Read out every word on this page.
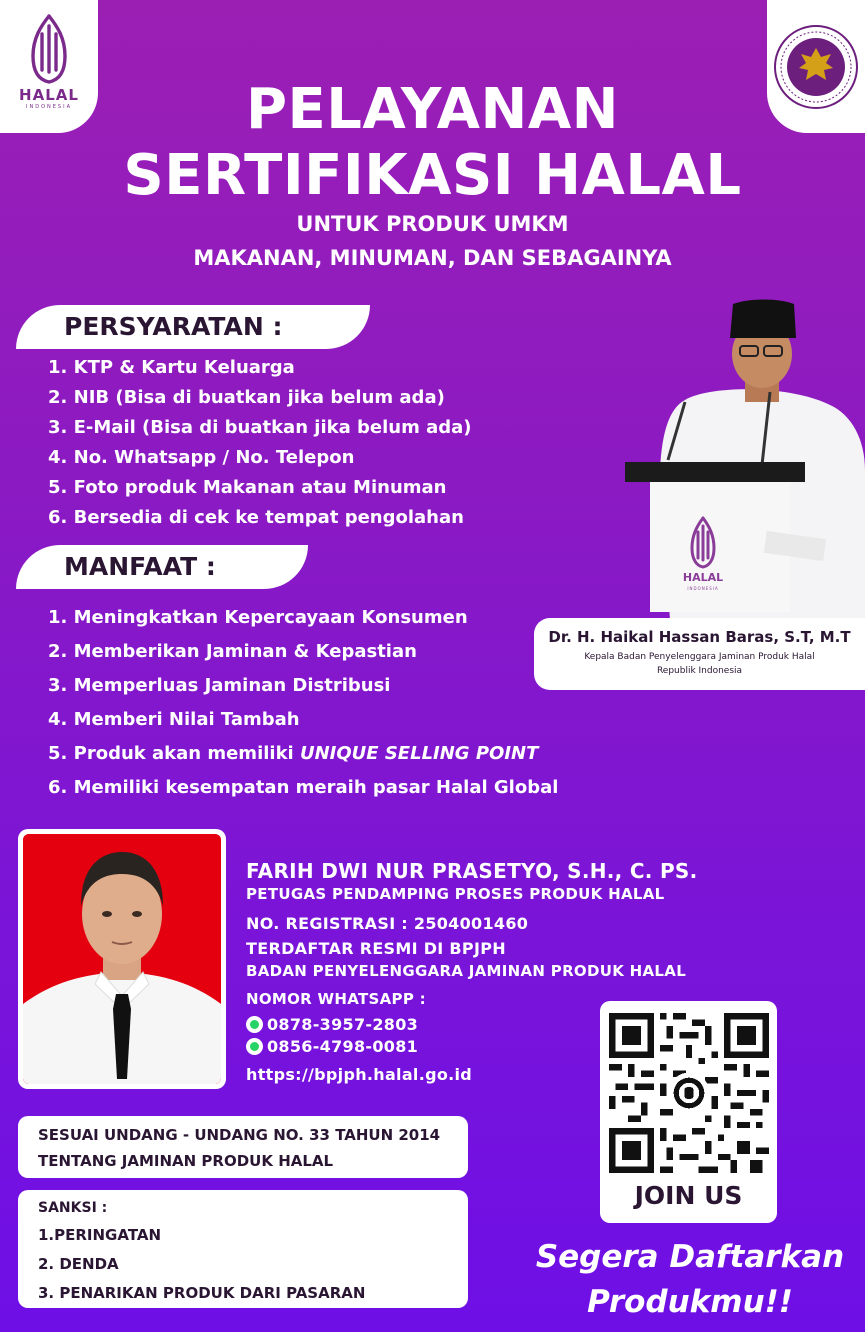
HALAL
INDONESIA	PELAYANAN
SERTIFIKASI HALAL
UNTUK PRODUK UMKM
MAKANAN, MINUMAN, DAN SEBAGAINYA
PERSYARATAN :
1. KTP & Kartu Keluarga
2. NIB (Bisa di buatkan jika belum ada)
3. E-Mail (Bisa di buatkan jika belum ada)
4. No. Whatsapp / No. Telepon
5. Foto produk Makanan atau Minuman
6. Bersedia di cek ke tempat pengolahan
MANFAAT :
1. Meningkatkan Kepercayaan Konsumen
2. Memberikan Jaminan & Kepastian
3. Memperluas Jaminan Distribusi
4. Memberi Nilai Tambah
5. Produk akan memiliki UNIQUE SELLING POINT
6. Memiliki kesempatan meraih pasar Halal Global
HALAL
INDONESIA
Dr. H. Haikal Hassan Baras, S.T, M.T
Kepala Badan Penyelenggara Jaminan Produk Halal
Republik Indonesia
FARIH DWI NUR PRASETYO, S.H., C. PS.
PETUGAS PENDAMPING PROSES PRODUK HALAL
NO. REGISTRASI : 2504001460
TERDAFTAR RESMI DI BPJPH
BADAN PENYELENGGARA JAMINAN PRODUK HALAL
NOMOR WHATSAPP :
0878-3957-2803
0856-4798-0081
https://bpjph.halal.go.id
JOIN US
SESUAI UNDANG - UNDANG NO. 33 TAHUN 2014
TENTANG JAMINAN PRODUK HALAL
SANKSI :
1.PERINGATAN
2. DENDA
3. PENARIKAN PRODUK DARI PASARAN
Segera Daftarkan
Produkmu!!
